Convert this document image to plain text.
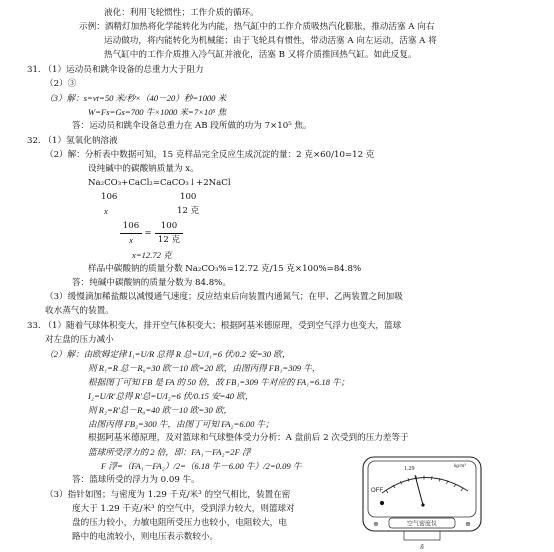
液化：利用飞轮惯性；工作介质的循环。
示例：酒精灯加热将化学能转化为内能，热气缸中的工作介质吸热汽化膨胀，推动活塞 A 向右
运动做功，将内能转化为机械能；由于飞轮具有惯性，带动活塞 A 向左运动，活塞 A 将
热气缸中的工作介质推入冷气缸并液化，活塞 B 又将介质推回热气缸。如此反复。
31. （1）运动员和跳伞设备的总重力大于阻力
（2）③
（3）解：s=vt=50 米/秒×（40－20）秒=1000 米
W=Fs=Gs=700 牛×1000 米=7×10⁵ 焦
答：运动员和跳伞设备总重力在 AB 段所做的功为 7×10⁵ 焦。
32. （1）氢氧化钠溶液
（2）解：分析表中数据可知，15 克样品完全反应生成沉淀的量：2 克×60/10=12 克
设纯碱中的碳酸钠质量为 x。
Na₂CO₃+CaCl₂=CaCO₃↓+2NaCl
106	100
x	12 克
106
x
=
100
12 克
x=12.72 克
样品中碳酸钠的质量分数 Na₂CO₃%=12.72 克/15 克×100%=84.8%
答：纯碱中碳酸钠的质量分数为 84.8%。
（3）缓慢滴加稀盐酸以减慢通气速度；反应结束后向装置内通氮气；在甲、乙两装置之间加吸
收水蒸气的装置。
33. （1）随着气球体积变大，排开空气体积变大；根据阿基米德原理，受到空气浮力也变大，篮球
对左盘的压力减小
（2）解：由欧姆定律 I₁=U/R 总得 R 总=U/I₁=6 伏/0.2 安=30 欧，
则 R₁=R 总－R₀=30 欧－10 欧=20 欧，由图丙得 FB₁=309 牛，
根据图丁可知 FB 是 FA 的 50 倍，故 FB₁=309 牛对应的 FA₁=6.18 牛；
I₂=U/R′总得 R′总=U/I₂=6 伏/0.15 安=40 欧，
则 R₂=R′总－R₀=40 欧－10 欧=30 欧，
由图丙得 FB₂=300 牛，由图丁可知 FA₂=6.00 牛；
根据阿基米德原理，及对篮球和气球整体受力分析：A 盘前后 2 次受到的压力差等于
篮球所受浮力的 2 倍，即：FA₁－FA₂=2F 浮
F 浮=（FA₁－FA₂）/2=（6.18 牛－6.00 牛）/2=0.09 牛
答：篮球所受的浮力为 0.09 牛。
（3）指针如图；与密度为 1.29 千克/米³ 的空气相比，装置在密
度大于 1.29 千克/米³ 的空气中，受到浮力较大，则篮球对
盘的压力较小，力敏电阻所受压力也较小，电阻较大，电
路中的电流较小，则电压表示数较小。
1.29	kg/m³
OFF
空气密度仪
⊕	⊕
ñ
